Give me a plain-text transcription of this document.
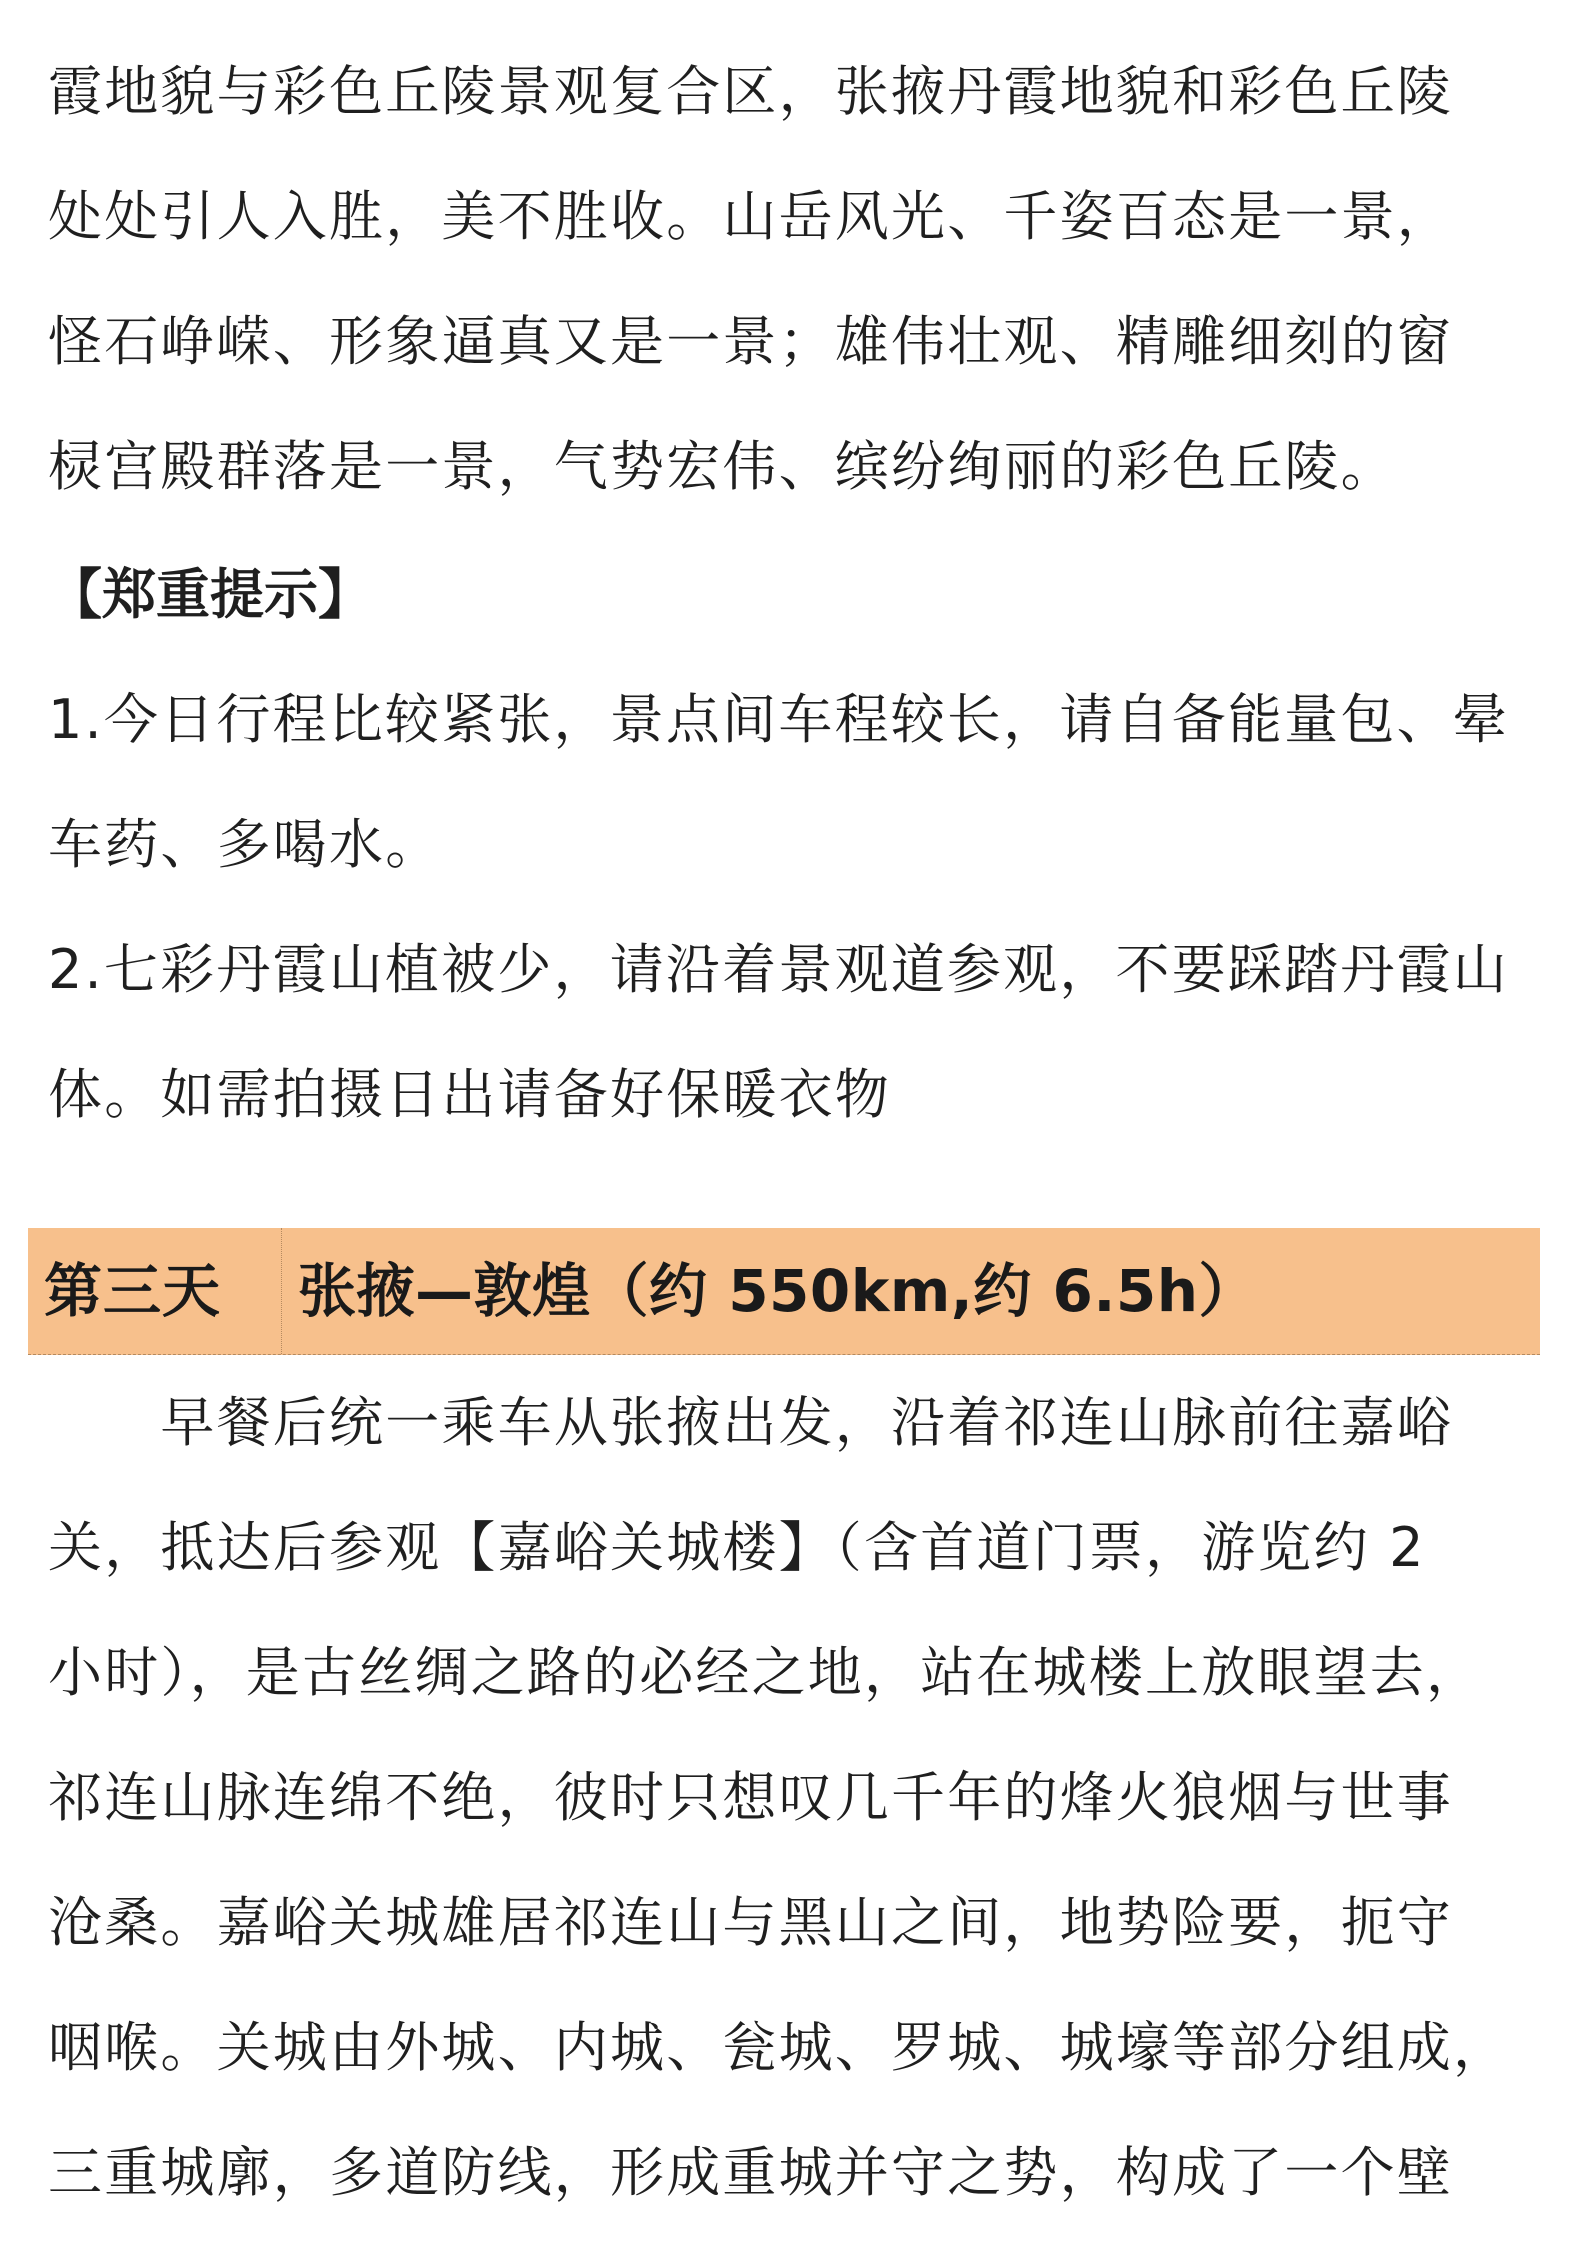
霞地貌与彩色丘陵景观复合区，张掖丹霞地貌和彩色丘陵
处处引人入胜，美不胜收。山岳风光、千姿百态是一景，
怪石峥嵘、形象逼真又是一景；雄伟壮观、精雕细刻的窗
棂宫殿群落是一景，气势宏伟、缤纷绚丽的彩色丘陵。
【郑重提示】
1.今日行程比较紧张，景点间车程较长，请自备能量包、晕
车药、多喝水。
2.七彩丹霞山植被少，请沿着景观道参观，不要踩踏丹霞山
体。如需拍摄日出请备好保暖衣物
第三天 张掖—敦煌（约 550km,约 6.5h）
　　早餐后统一乘车从张掖出发，沿着祁连山脉前往嘉峪
关，抵达后参观【嘉峪关城楼】（含首道门票，游览约 2
小时），是古丝绸之路的必经之地，站在城楼上放眼望去，
祁连山脉连绵不绝，彼时只想叹几千年的烽火狼烟与世事
沧桑。嘉峪关城雄居祁连山与黑山之间，地势险要，扼守
咽喉。关城由外城、内城、瓮城、罗城、城壕等部分组成，
三重城廓，多道防线，形成重城并守之势，构成了一个壁
